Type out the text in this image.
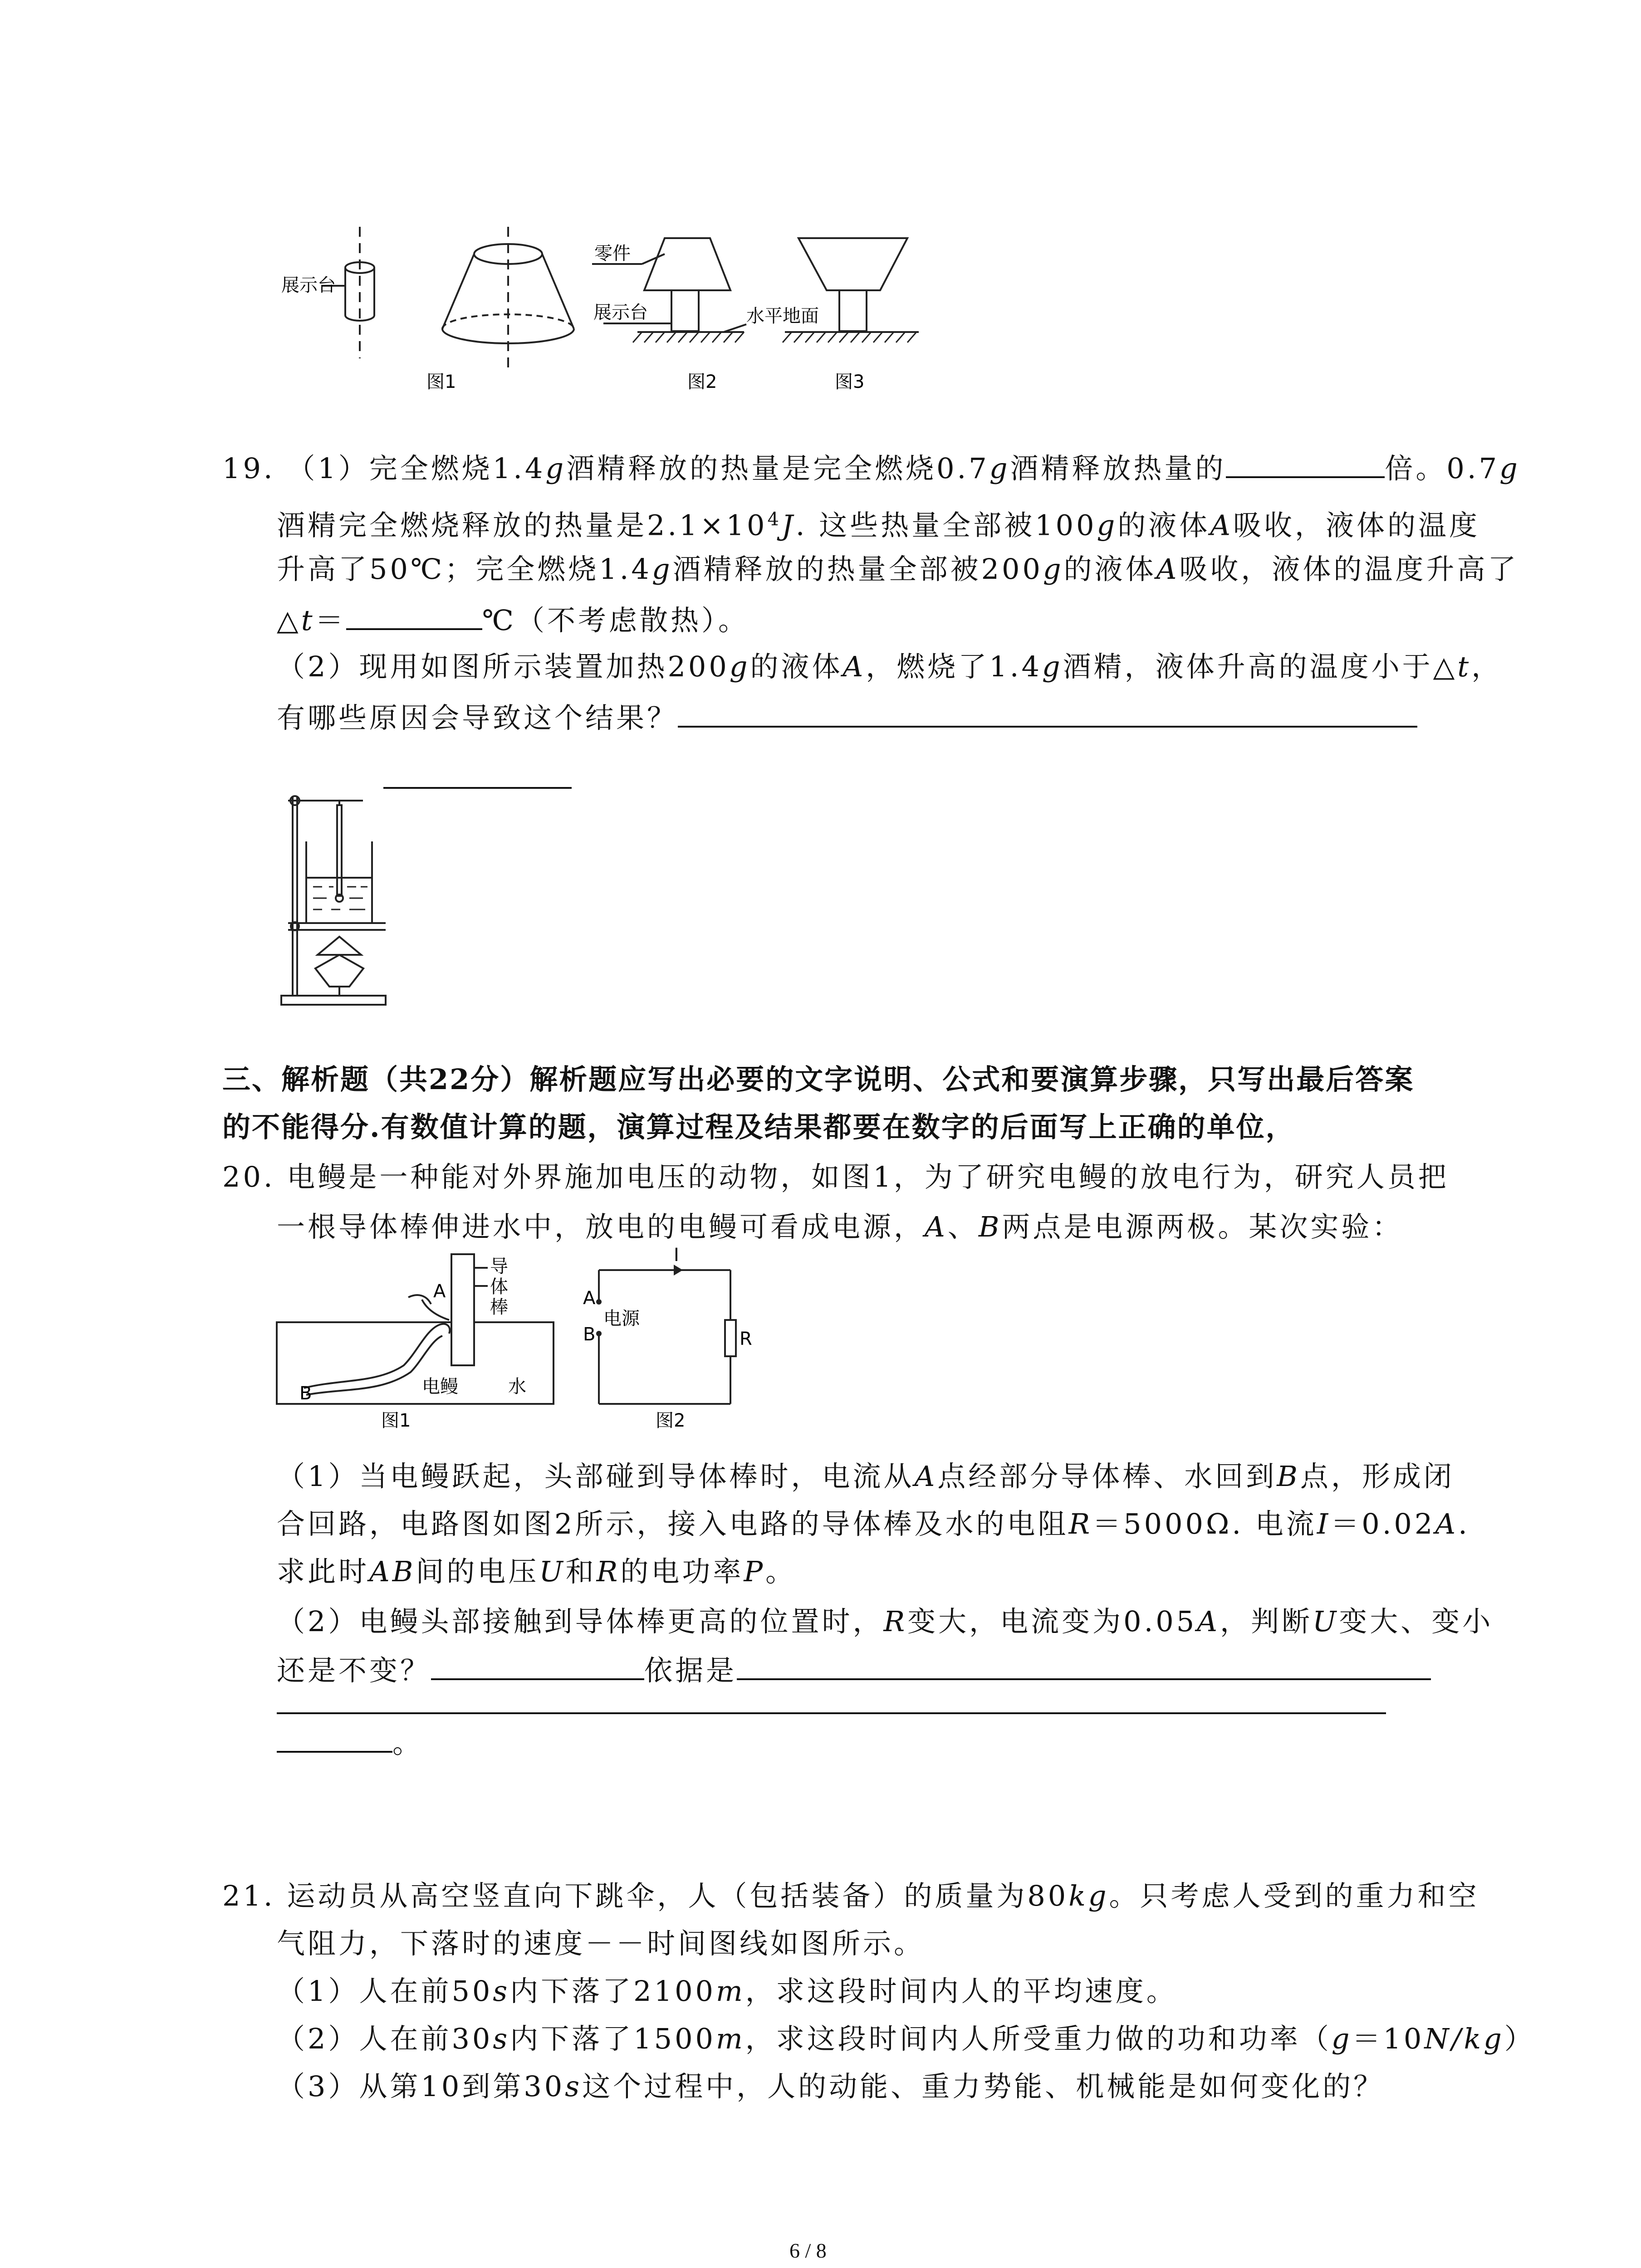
展示台
零件
展示台	水平地面
图1	图2	图3
19. （1）完全燃烧1.4g酒精释放的热量是完全燃烧0.7g酒精释放热量的	倍。0.7g
酒精完全燃烧释放的热量是$2.1\times 10^4J$. 这些热量全部被100g的液体A吸收，液体的温度
升高了50℃；完全燃烧1.4g酒精释放的热量全部被200g的液体A吸收，液体的温度升高了
△t＝	℃（不考虑散热）。
（2）现用如图所示装置加热200g的液体A，燃烧了1.4g酒精，液体升高的温度小于△t，
有哪些原因会导致这个结果？
三、解析题（共22分）解析题应写出必要的文字说明、公式和要演算步骤，只写出最后答案
的不能得分.有数值计算的题，演算过程及结果都要在数字的后面写上正确的单位，
20. 电鳗是一种能对外界施加电压的动物，如图1，为了研究电鳗的放电行为，研究人员把
一根导体棒伸进水中，放电的电鳗可看成电源，A、B两点是电源两极。某次实验：
导
体
棒
A
B	电鳗	水
图1
I
A
电源
B	R
图2
（1）当电鳗跃起，头部碰到导体棒时，电流从A点经部分导体棒、水回到B点，形成闭
合回路，电路图如图2所示，接入电路的导体棒及水的电阻R＝5000Ω. 电流I＝0.02A.
求此时AB间的电压U和R的电功率P。
（2）电鳗头部接触到导体棒更高的位置时，R变大，电流变为0.05A，判断U变大、变小
还是不变？	依据是
。
21. 运动员从高空竖直向下跳伞，人（包括装备）的质量为80kg。只考虑人受到的重力和空
气阻力，下落时的速度－－时间图线如图所示。
（1）人在前50s内下落了2100m，求这段时间内人的平均速度。
（2）人在前30s内下落了1500m，求这段时间内人所受重力做的功和功率（g＝10N/kg）
（3）从第10到第30s这个过程中，人的动能、重力势能、机械能是如何变化的？
6 / 8
